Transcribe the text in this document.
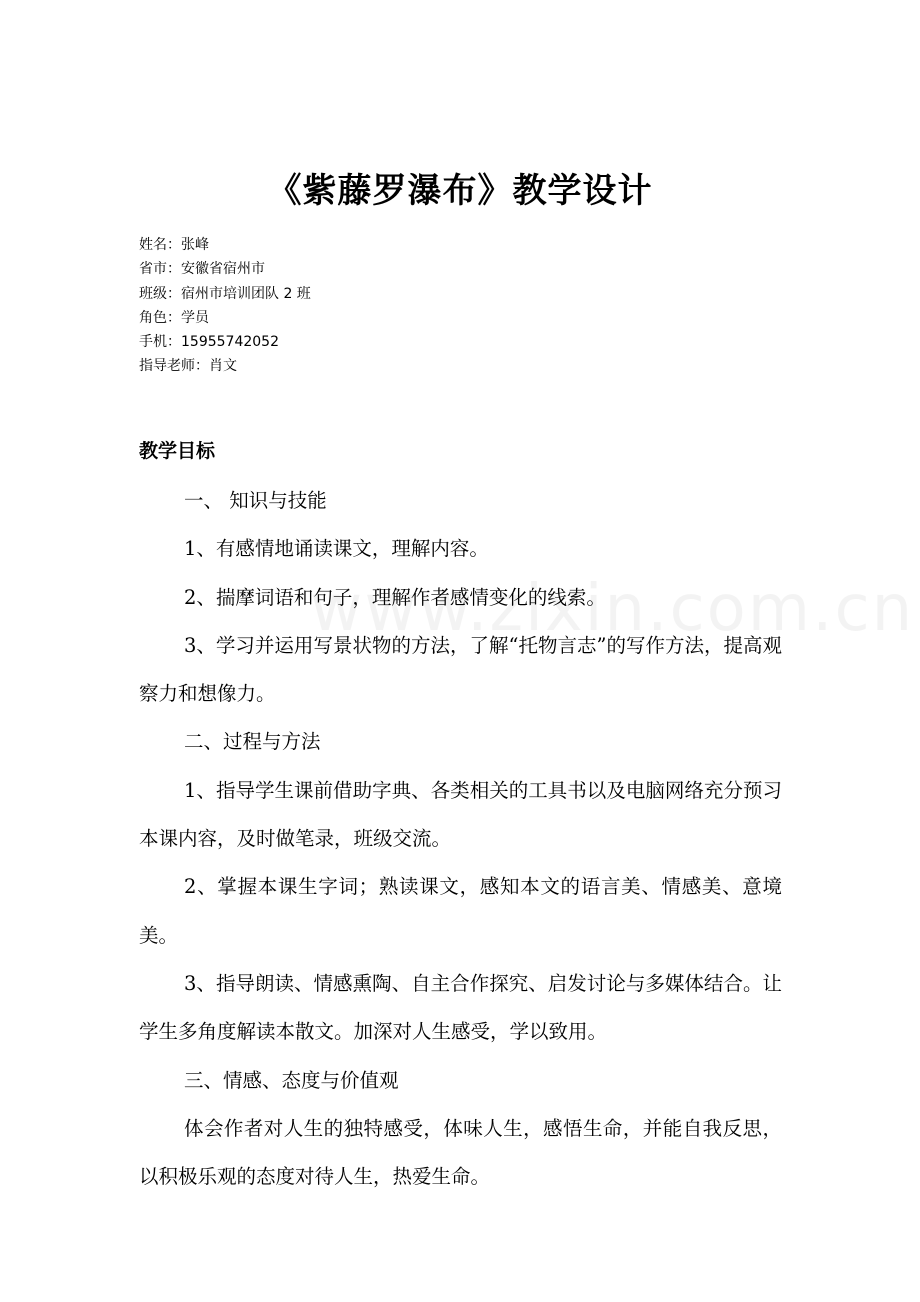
《紫藤罗瀑布》教学设计
姓名：张峰
省市：安徽省宿州市
班级：宿州市培训团队 2 班
角色：学员
手机：15955742052
指导老师：肖文
教学目标

一、 知识与技能

1、有感情地诵读课文，理解内容。

2、揣摩词语和句子，理解作者感情变化的线索。

3、学习并运用写景状物的方法，了解“托物言志”的写作方法，提高观察力和想像力。

二、过程与方法

1、指导学生课前借助字典、各类相关的工具书以及电脑网络充分预习本课内容，及时做笔录，班级交流。

2、掌握本课生字词；熟读课文，感知本文的语言美、情感美、意境美。

3、指导朗读、情感熏陶、自主合作探究、启发讨论与多媒体结合。让学生多角度解读本散文。加深对人生感受，学以致用。

三、情感、态度与价值观

体会作者对人生的独特感受，体味人生，感悟生命，并能自我反思，以积极乐观的态度对待人生，热爱生命。
